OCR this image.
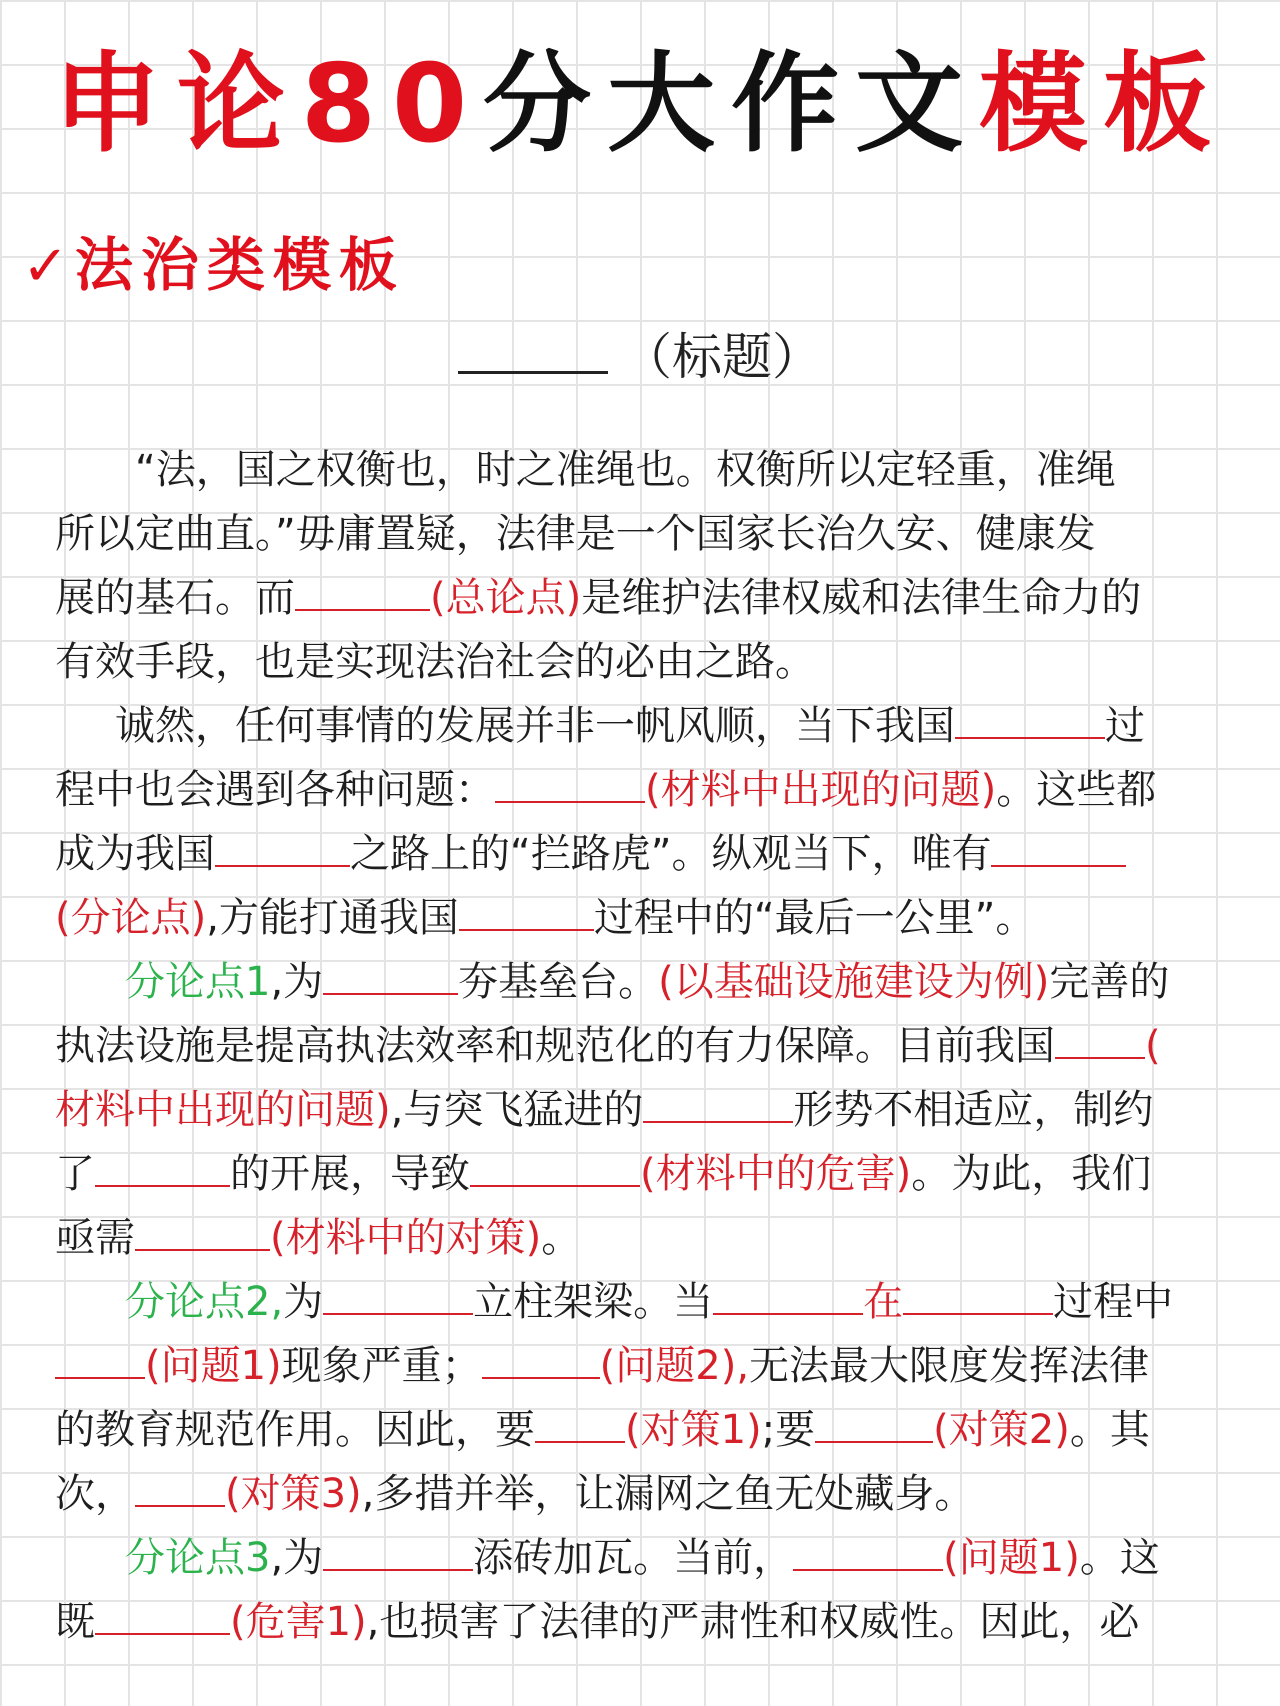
申论80分大作文模板
✓ 法治类模板
（标题）
“法，国之权衡也，时之准绳也。权衡所以定轻重，准绳
所以定曲直。”毋庸置疑，法律是一个国家长治久安、健康发
展的基石。而	(总论点)是维护法律权威和法律生命力的
有效手段，也是实现法治社会的必由之路。
诚然，任何事情的发展并非一帆风顺，当下我国	过
程中也会遇到各种问题：	(材料中出现的问题)。这些都
成为我国	之路上的“拦路虎”。纵观当下，唯有
(分论点),方能打通我国	过程中的“最后一公里”。
分论点1,为	夯基垒台。(以基础设施建设为例)完善的
执法设施是提高执法效率和规范化的有力保障。目前我国 (
材料中出现的问题),与突飞猛进的	形势不相适应，制约
了	的开展，导致	(材料中的危害)。为此，我们
亟需	(材料中的对策)。
分论点2,为	立柱架梁。当	在	过程中
(问题1)现象严重；	(问题2),无法最大限度发挥法律
的教育规范作用。因此，要 (对策1);要	(对策2)。其
次， (对策3),多措并举，让漏网之鱼无处藏身。
分论点3,为	添砖加瓦。当前，	(问题1)。这
既	(危害1),也损害了法律的严肃性和权威性。因此，必
